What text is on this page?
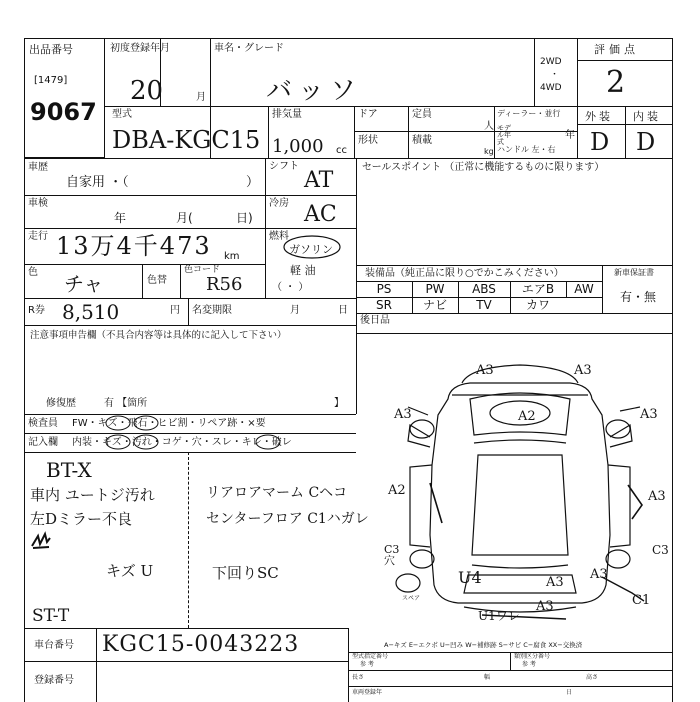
出品番号
[1479]
9067
初度登録年月
20	月
車名・グレード
バッソ
2WD
・
4WD
評価点
2
型式
DBA-KGC15
排気量
1,000 cc
ドア	定員
人
ディーラー・並行
モデル年式
年
形状	積載
kg ハンドル 左・右
外装 内装
D D
車歴
自家用 ・（	）
車検
年	月(	日)
走行 13万4千473 km
色 チャ	色替
色コード
R56
シフト
AT
冷房 AC
燃料
ガソリン
軽 油
（ ・ ）
R券 8,510	円 名変期限	月	日
注意事項申告欄（不具合内容等は具体的に記入して下さい）
修復歴	有 【箇所	】
セールスポイント （正常に機能するものに限ります）
装備品（純正品に限り○でかこみください）
PS	PW	ABS	エアB	AW
SR	ナビ	TV	カワ
新車保証書
有・無
後日品
検査員 FW・キズ・飛石・ヒビ割・リペア跡・×要
記入欄 内装・キズ・汚れ・コゲ・穴・スレ・キレ・破レ
BT-X
車内 ユートジ汚れ	リアロアマーム Cヘコ
左Dミラー不良	センターフロア C1ハガレ
キズ U	下回りSC
ST-T
A3	A3
A3	A2	A3
A2	A3
C3穴
C3
U4	A3
A3
A3	C1
U1ワレ
スペア
A−キズ E−エクボ U−凹み W−補修跡 S−サビ C−腐食 XX−交換済
車台番号 KGC15-0043223
登録番号
型式指定番号
参 考
類別区分番号
参 考
長さ	幅	高さ
車両登録年	日
